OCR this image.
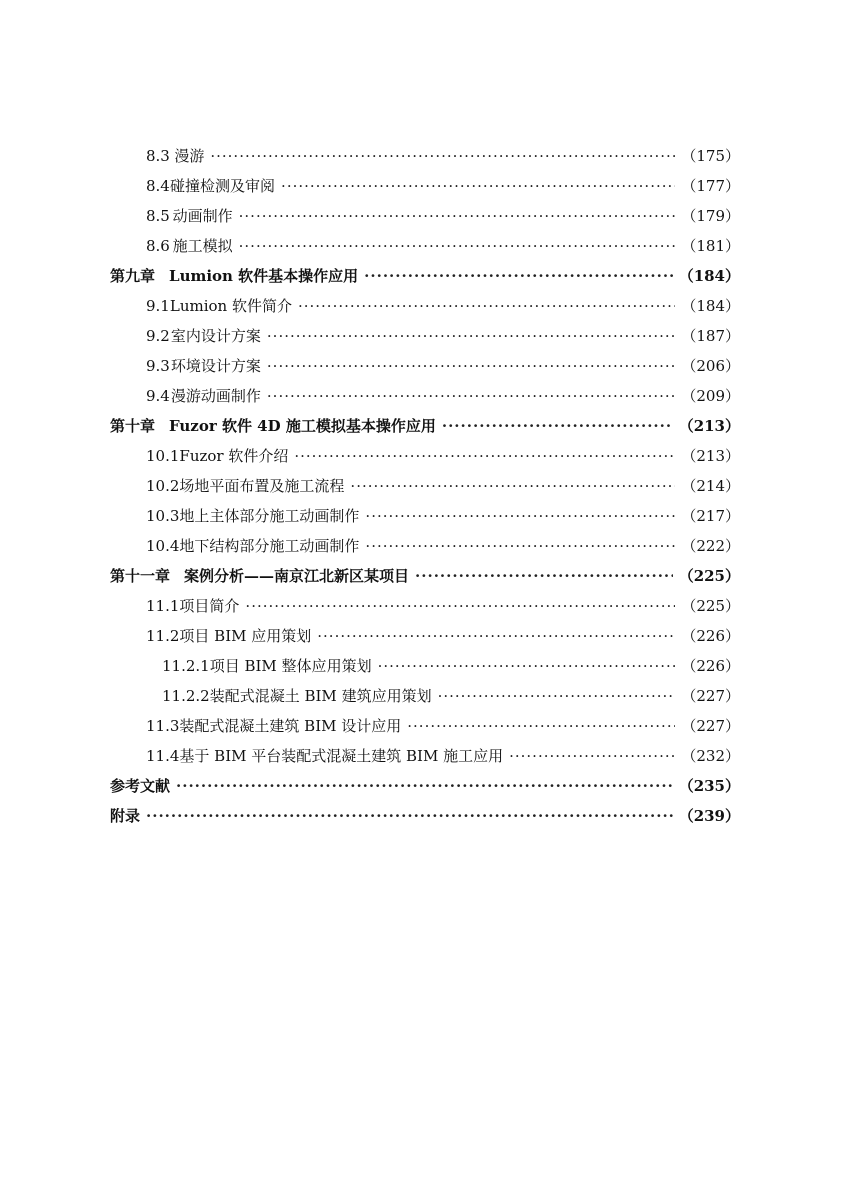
8.3 漫游 ·····	（175）
8.4 碰撞检测及审阅 ·····	（177）
8.5 动画制作 ·····	（179）
8.6 施工模拟 ·····	（181）
第九章 Lumion 软件基本操作应用 ·····	（184）
9.1 Lumion 软件简介 ·····	（184）
9.2 室内设计方案 ·····	（187）
9.3 环境设计方案 ·····	（206）
9.4 漫游动画制作 ·····	（209）
第十章 Fuzor 软件 4D 施工模拟基本操作应用 ·····	（213）
10.1 Fuzor 软件介绍 ·····	（213）
10.2 场地平面布置及施工流程 ·····	（214）
10.3 地上主体部分施工动画制作 ·····	（217）
10.4 地下结构部分施工动画制作 ·····	（222）
第十一章 案例分析——南京江北新区某项目 ·····	（225）
11.1 项目简介 ·····	（225）
11.2 项目 BIM 应用策划 ·····	（226）
11.2.1 项目 BIM 整体应用策划 ·····	（226）
11.2.2 装配式混凝土 BIM 建筑应用策划 ·····	（227）
11.3 装配式混凝土建筑 BIM 设计应用 ·····	（227）
11.4 基于 BIM 平台装配式混凝土建筑 BIM 施工应用 ·····	（232）
参考文献 ·····	（235）
附录 ·····	（239）
